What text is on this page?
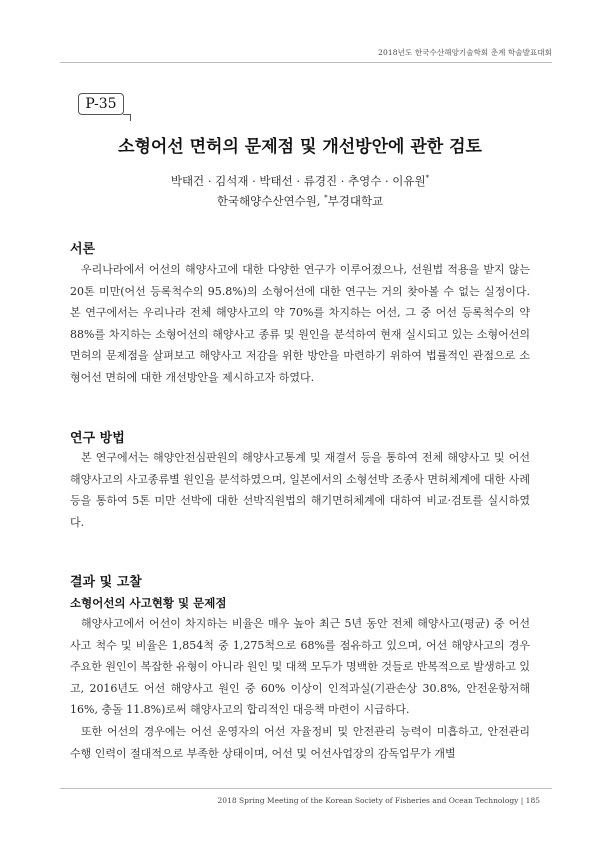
2018년도 한국수산해양기술학회 춘계 학술발표대회
P-35
소형어선 면허의 문제점 및 개선방안에 관한 검토
박태건 · 김석재 · 박태선 · 류경진 · 추영수 · 이유원*
한국해양수산연수원, *부경대학교
서론

우리나라에서 어선의 해양사고에 대한 다양한 연구가 이루어졌으나, 선원법 적용을 받지 않는 20톤 미만(어선 등록척수의 95.8%)의 소형어선에 대한 연구는 거의 찾아볼 수 없는 실정이다. 본 연구에서는 우리나라 전체 해양사고의 약 70%를 차지하는 어선, 그 중 어선 등록척수의 약 88%를 차지하는 소형어선의 해양사고 종류 및 원인을 분석하여 현재 실시되고 있는 소형어선의 면허의 문제점을 살펴보고 해양사고 저감을 위한 방안을 마련하기 위하여 법률적인 관점으로 소형어선 면허에 대한 개선방안을 제시하고자 하였다.

연구 방법

본 연구에서는 해양안전심판원의 해양사고통계 및 재결서 등을 통하여 전체 해양사고 및 어선해양사고의 사고종류별 원인을 분석하였으며, 일본에서의 소형선박 조종사 면허체계에 대한 사례 등을 통하여 5톤 미만 선박에 대한 선박직원법의 해기면허체계에 대하여 비교·검토를 실시하였다.

결과 및 고찰
소형어선의 사고현황 및 문제점

해양사고에서 어선이 차지하는 비율은 매우 높아 최근 5년 동안 전체 해양사고(평균) 중 어선사고 척수 및 비율은 1,854척 중 1,275척으로 68%를 점유하고 있으며, 어선 해양사고의 경우 주요한 원인이 복잡한 유형이 아니라 원인 및 대책 모두가 명백한 것들로 반복적으로 발생하고 있고, 2016년도 어선 해양사고 원인 중 60% 이상이 인적과실(기관손상 30.8%, 안전운항저해 16%, 충돌 11.8%)로써 해양사고의 합리적인 대응책 마련이 시급하다.

또한 어선의 경우에는 어선 운영자의 어선 자율정비 및 안전관리 능력이 미흡하고, 안전관리 수행 인력이 절대적으로 부족한 상태이며, 어선 및 어선사업장의 감독업무가 개별

2018 Spring Meeting of the Korean Society of Fisheries and Ocean Technology | 185
